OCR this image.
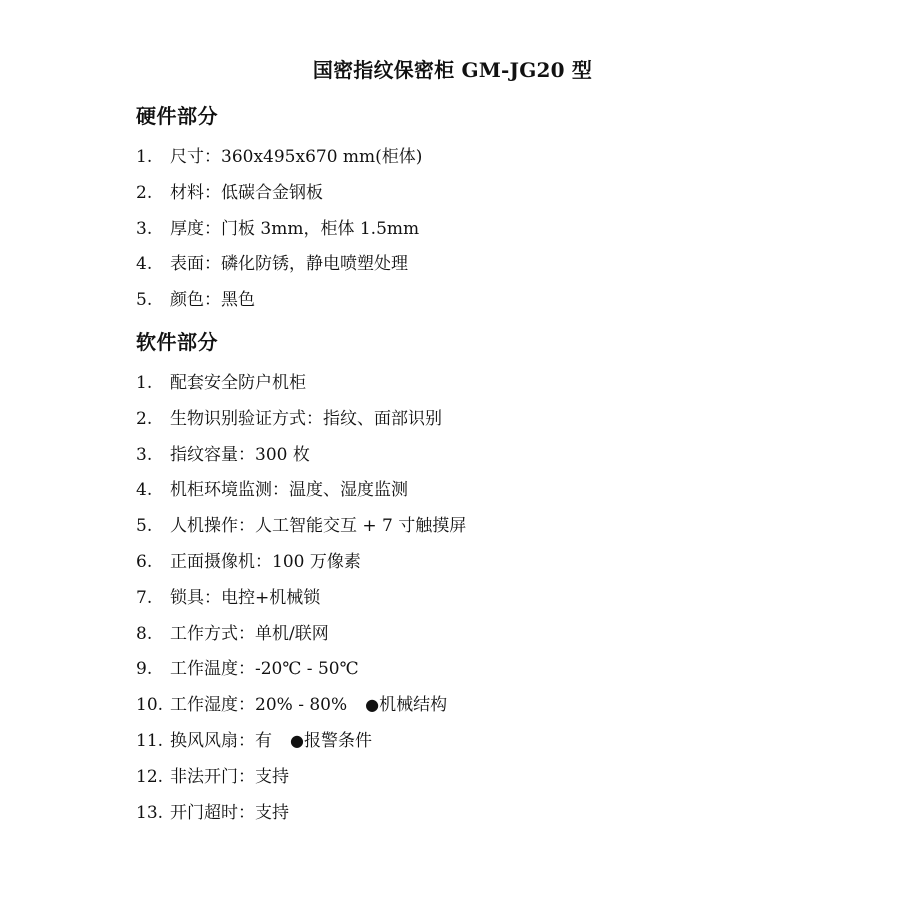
国密指纹保密柜 GM-JG20 型
硬件部分
1.	尺寸：360x495x670 mm(柜体)
2.	材料：低碳合金钢板
3.	厚度：门板 3mm，柜体 1.5mm
4.	表面：磷化防锈，静电喷塑处理
5.	颜色：黑色
软件部分
1.	配套安全防户机柜
2.	生物识别验证方式：指纹、面部识别
3.	指纹容量：300 枚
4.	机柜环境监测：温度、湿度监测
5.	人机操作：人工智能交互 + 7 寸触摸屏
6.	正面摄像机：100 万像素
7.	锁具：电控+机械锁
8.	工作方式：单机/联网
9.	工作温度：-20℃ - 50℃
10. 工作湿度：20% - 80% ● 机械结构
11. 换风风扇：有 ● 报警条件
12. 非法开门：支持
13. 开门超时：支持
